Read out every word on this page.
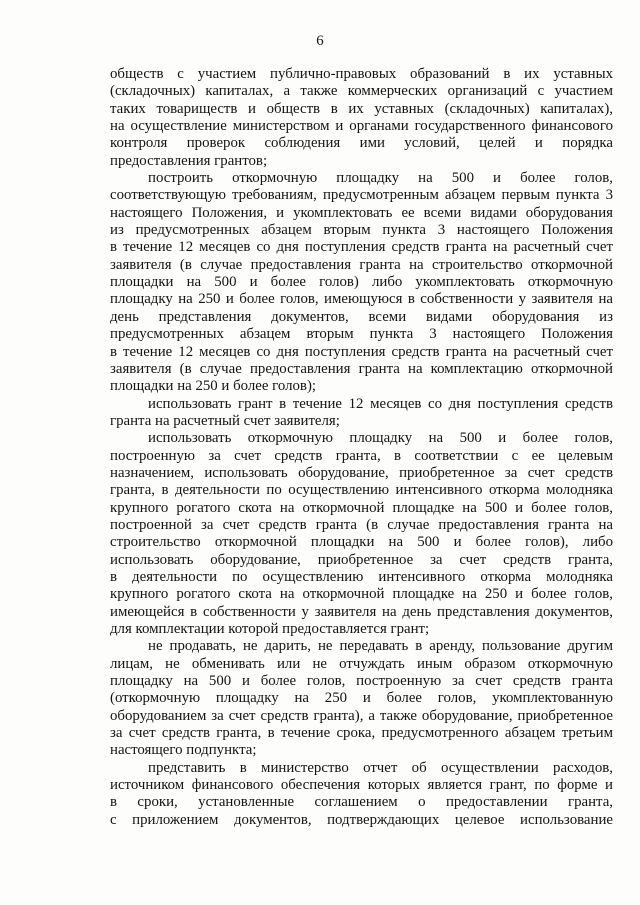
6
обществ с участием публично-правовых образований в их уставных
(складочных) капиталах, а также коммерческих организаций с участием
таких товариществ и обществ в их уставных (складочных) капиталах),
на осуществление министерством и органами государственного финансового
контроля проверок соблюдения ими условий, целей и порядка
предоставления грантов;
построить откормочную площадку на 500 и более голов,
соответствующую требованиям, предусмотренным абзацем первым пункта 3
настоящего Положения, и укомплектовать ее всеми видами оборудования
из предусмотренных абзацем вторым пункта 3 настоящего Положения
в течение 12 месяцев со дня поступления средств гранта на расчетный счет
заявителя (в случае предоставления гранта на строительство откормочной
площадки на 500 и более голов) либо укомплектовать откормочную
площадку на 250 и более голов, имеющуюся в собственности у заявителя на
день представления документов, всеми видами оборудования из
предусмотренных абзацем вторым пункта 3 настоящего Положения
в течение 12 месяцев со дня поступления средств гранта на расчетный счет
заявителя (в случае предоставления гранта на комплектацию откормочной
площадки на 250 и более голов);
использовать грант в течение 12 месяцев со дня поступления средств
гранта на расчетный счет заявителя;
использовать откормочную площадку на 500 и более голов,
построенную за счет средств гранта, в соответствии с ее целевым
назначением, использовать оборудование, приобретенное за счет средств
гранта, в деятельности по осуществлению интенсивного откорма молодняка
крупного рогатого скота на откормочной площадке на 500 и более голов,
построенной за счет средств гранта (в случае предоставления гранта на
строительство откормочной площадки на 500 и более голов), либо
использовать оборудование, приобретенное за счет средств гранта,
в деятельности по осуществлению интенсивного откорма молодняка
крупного рогатого скота на откормочной площадке на 250 и более голов,
имеющейся в собственности у заявителя на день представления документов,
для комплектации которой предоставляется грант;
не продавать, не дарить, не передавать в аренду, пользование другим
лицам, не обменивать или не отчуждать иным образом откормочную
площадку на 500 и более голов, построенную за счет средств гранта
(откормочную площадку на 250 и более голов, укомплектованную
оборудованием за счет средств гранта), а также оборудование, приобретенное
за счет средств гранта, в течение срока, предусмотренного абзацем третьим
настоящего подпункта;
представить в министерство отчет об осуществлении расходов,
источником финансового обеспечения которых является грант, по форме и
в сроки, установленные соглашением о предоставлении гранта,
с приложением документов, подтверждающих целевое использование
